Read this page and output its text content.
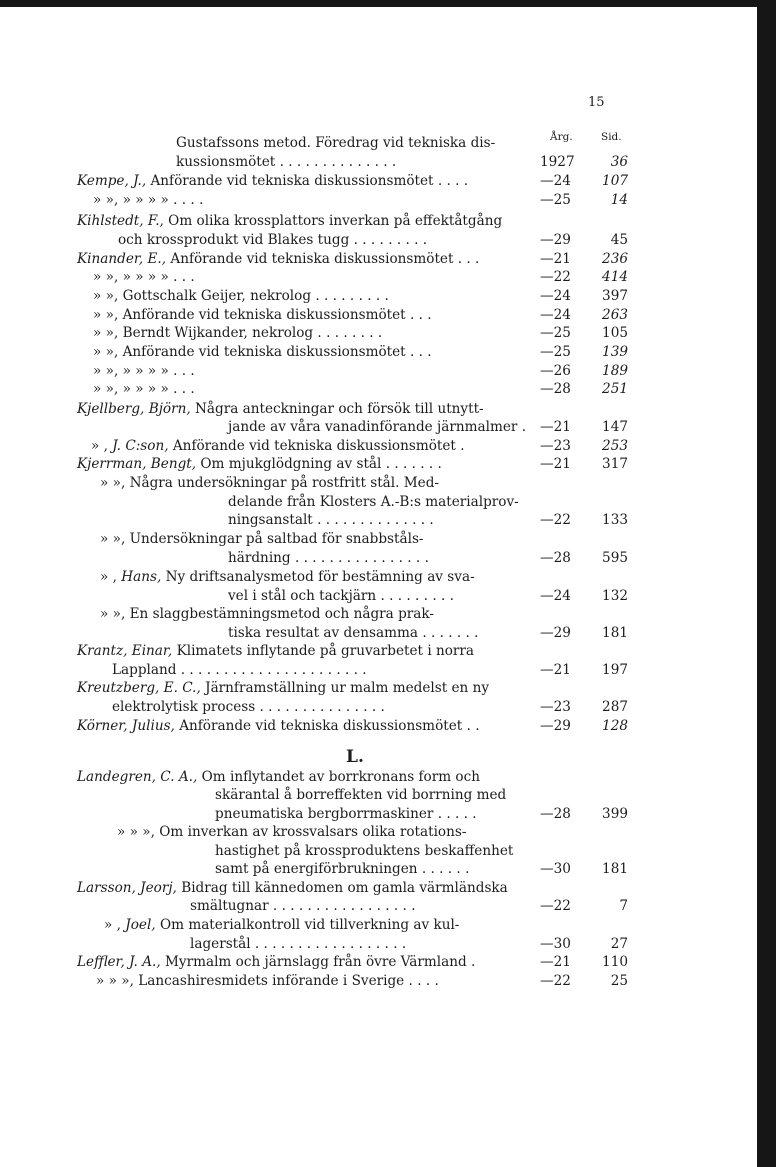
15
Årg.	Sid.
Gustafssons metod. Föredrag vid tekniska dis-
kussionsmötet . . . . . . . . . . . . . .	1927	36
Kempe, J., Anförande vid tekniska diskussionsmötet . . . .	—24	107
» », » » » » . . . .	—25	14
Kihlstedt, F., Om olika krossplattors inverkan på effektåtgång
och krossprodukt vid Blakes tugg . . . . . . . . .	—29	45
Kinander, E., Anförande vid tekniska diskussionsmötet . . .	—21	236
» », » » » » . . .	—22	414
» », Gottschalk Geijer, nekrolog . . . . . . . . .	—24	397
» », Anförande vid tekniska diskussionsmötet . . .	—24	263
» », Berndt Wijkander, nekrolog . . . . . . . .	—25	105
» », Anförande vid tekniska diskussionsmötet . . .	—25	139
» », » » » » . . .	—26	189
» », » » » » . . .	—28	251
Kjellberg, Björn, Några anteckningar och försök till utnytt-
jande av våra vanadinförande järnmalmer . —21	147
» , J. C:son, Anförande vid tekniska diskussionsmötet .	—23	253
Kjerrman, Bengt, Om mjukglödgning av stål . . . . . . .	—21	317
» », Några undersökningar på rostfritt stål. Med-
delande från Klosters A.-B:s materialprov-
ningsanstalt . . . . . . . . . . . . . .	—22	133
» », Undersökningar på saltbad för snabbståls-
härdning . . . . . . . . . . . . . . . .	—28	595
» , Hans, Ny driftsanalysmetod för bestämning av sva-
vel i stål och tackjärn . . . . . . . . .	—24	132
» », En slaggbestämningsmetod och några prak-
tiska resultat av densamma . . . . . . .	—29	181
Krantz, Einar, Klimatets inflytande på gruvarbetet i norra
Lappland . . . . . . . . . . . . . . . . . . . . . .	—21	197
Kreutzberg, E. C., Järnframställning ur malm medelst en ny
elektrolytisk process . . . . . . . . . . . . . . .	—23	287
Körner, Julius, Anförande vid tekniska diskussionsmötet . .	—29	128
Landegren, C. A., Om inflytandet av borrkronans form och
skärantal å borreffekten vid borrning med
pneumatiska bergborrmaskiner . . . . .	—28	399
» » », Om inverkan av krossvalsars olika rotations-
hastighet på krossproduktens beskaffenhet
samt på energiförbrukningen . . . . . .	—30	181
Larsson, Jeorj, Bidrag till kännedomen om gamla värmländska
smältugnar . . . . . . . . . . . . . . . . .	—22	7
» , Joel, Om materialkontroll vid tillverkning av kul-
lagerstål . . . . . . . . . . . . . . . . . .	—30	27
Leffler, J. A., Myrmalm och järnslagg från övre Värmland .	—21	110
» » », Lancashiresmidets införande i Sverige . . . .	—22	25
L.
